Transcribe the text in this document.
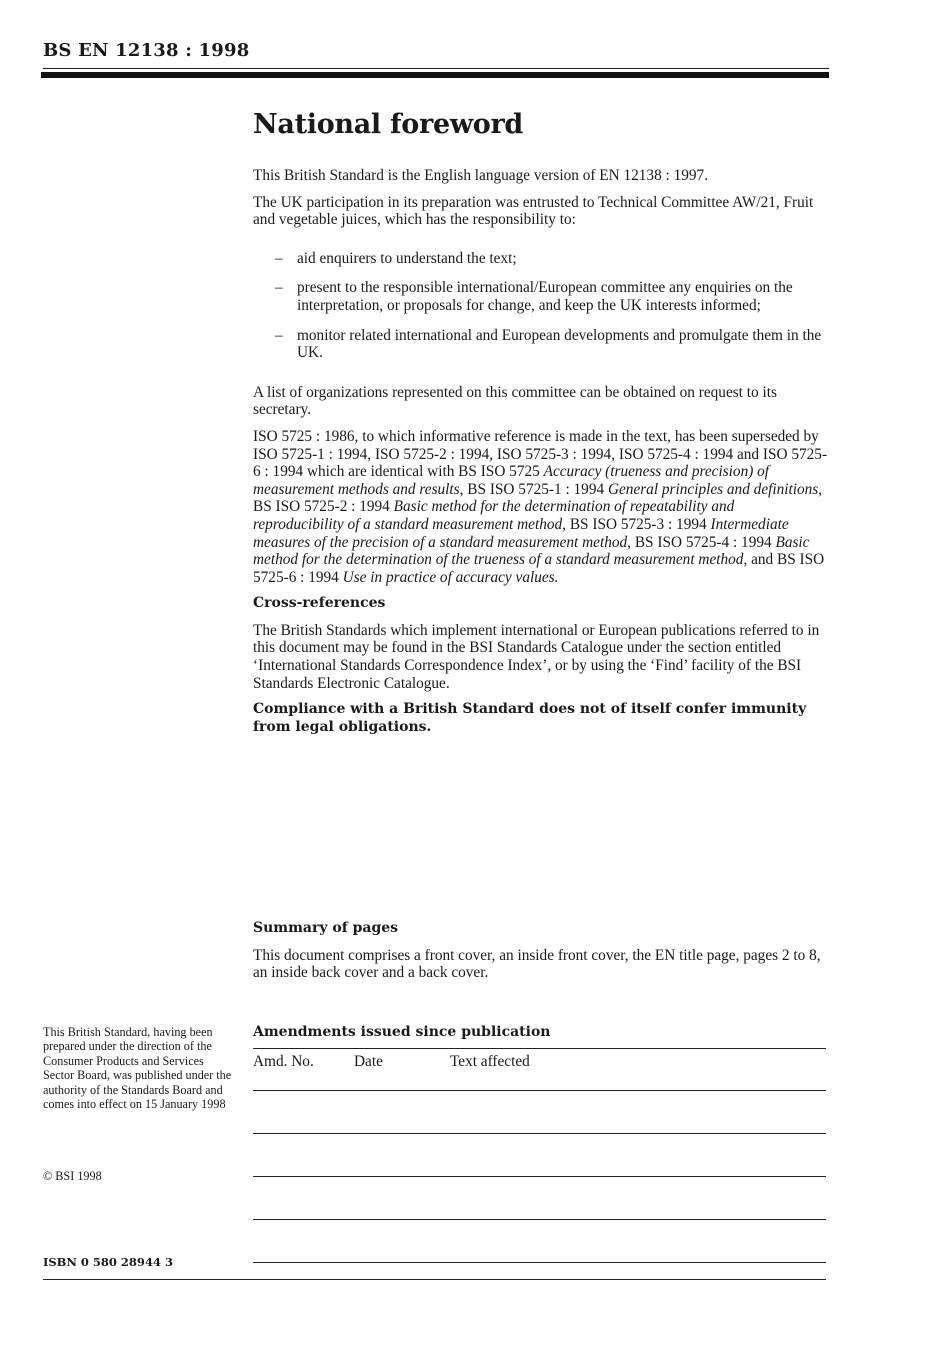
BS EN 12138 : 1998
National foreword

This British Standard is the English language version of EN 12138 : 1997.

The UK participation in its preparation was entrusted to Technical Committee AW/21, Fruit and vegetable juices, which has the responsibility to:

– aid enquirers to understand the text;
– present to the responsible international/European committee any enquiries on the interpretation, or proposals for change, and keep the UK interests informed;
– monitor related international and European developments and promulgate them in the UK.

A list of organizations represented on this committee can be obtained on request to its secretary.

ISO 5725 : 1986, to which informative reference is made in the text, has been superseded by ISO 5725-1 : 1994, ISO 5725-2 : 1994, ISO 5725-3 : 1994, ISO 5725-4 : 1994 and ISO 5725-6 : 1994 which are identical with BS ISO 5725 Accuracy (trueness and precision) of measurement methods and results, BS ISO 5725-1 : 1994 General principles and definitions, BS ISO 5725-2 : 1994 Basic method for the determination of repeatability and reproducibility of a standard measurement method, BS ISO 5725-3 : 1994 Intermediate measures of the precision of a standard measurement method, BS ISO 5725-4 : 1994 Basic method for the determination of the trueness of a standard measurement method, and BS ISO 5725-6 : 1994 Use in practice of accuracy values.

Cross-references

The British Standards which implement international or European publications referred to in this document may be found in the BSI Standards Catalogue under the section entitled ‘International Standards Correspondence Index’, or by using the ‘Find’ facility of the BSI Standards Electronic Catalogue.

Compliance with a British Standard does not of itself confer immunity from legal obligations.

Summary of pages

This document comprises a front cover, an inside front cover, the EN title page, pages 2 to 8, an inside back cover and a back cover.

Amendments issued since publication
Amd. No.	Date	Text affected

This British Standard, having been prepared under the direction of the Consumer Products and Services Sector Board, was published under the authority of the Standards Board and comes into effect on 15 January 1998

© BSI 1998
ISBN 0 580 28944 3
